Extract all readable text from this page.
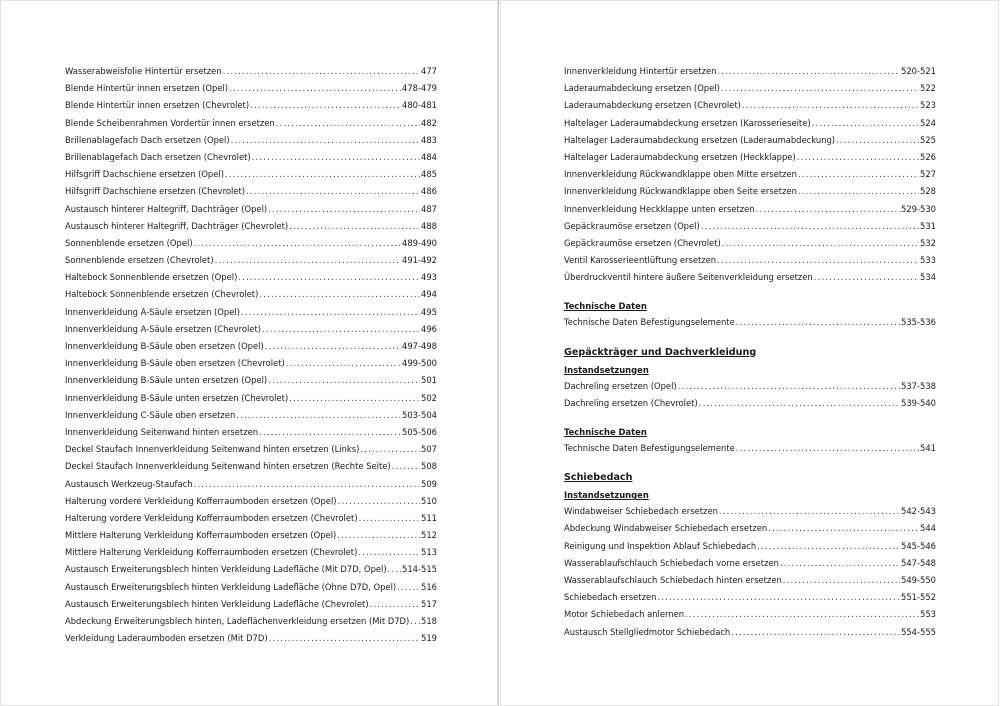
Wasserabweisfolie Hintertür ersetzen .....	477
Blende Hintertür innen ersetzen (Opel) .....	478-479
Blende Hintertür innen ersetzen (Chevrolet) .....	480-481
Blende Scheibenrahmen Vordertür innen ersetzen .....	482
Brillenablagefach Dach ersetzen (Opel) .....	483
Brillenablagefach Dach ersetzen (Chevrolet) .....	484
Hilfsgriff Dachschiene ersetzen (Opel) .....	485
Hilfsgriff Dachschiene ersetzen (Chevrolet) .....	486
Austausch hinterer Haltegriff, Dachträger (Opel) .....	487
Austausch hinterer Haltegriff, Dachträger (Chevrolet) .....	488
Sonnenblende ersetzen (Opel) .....	489-490
Sonnenblende ersetzen (Chevrolet) .....	491-492
Haltebock Sonnenblende ersetzen (Opel) .....	493
Haltebock Sonnenblende ersetzen (Chevrolet) .....	494
Innenverkleidung A-Säule ersetzen (Opel) .....	495
Innenverkleidung A-Säule ersetzen (Chevrolet) .....	496
Innenverkleidung B-Säule oben ersetzen (Opel) .....	497-498
Innenverkleidung B-Säule oben ersetzen (Chevrolet) .....	499-500
Innenverkleidung B-Säule unten ersetzen (Opel) .....	501
Innenverkleidung B-Säule unten ersetzen (Chevrolet) .....	502
Innenverkleidung C-Säule oben ersetzen .....	503-504
Innenverkleidung Seitenwand hinten ersetzen .....	505-506
Deckel Staufach Innenverkleidung Seitenwand hinten ersetzen (Links) .....	507
Deckel Staufach Innenverkleidung Seitenwand hinten ersetzen (Rechte Seite) .....	508
Austausch Werkzeug-Staufach .....	509
Halterung vordere Verkleidung Kofferraumboden ersetzen (Opel) .....	510
Halterung vordere Verkleidung Kofferraumboden ersetzen (Chevrolet) .....	511
Mittlere Halterung Verkleidung Kofferraumboden ersetzen (Opel) .....	512
Mittlere Halterung Verkleidung Kofferraumboden ersetzen (Chevrolet) .....	513
Austausch Erweiterungsblech hinten Verkleidung Ladefläche (Mit D7D, Opel) ..... 514-515
Austausch Erweiterungsblech hinten Verkleidung Ladefläche (Ohne D7D, Opel) .....	516
Austausch Erweiterungsblech hinten Verkleidung Ladefläche (Chevrolet) .....	517
Abdeckung Erweiterungsblech hinten, Ladeflächenverkleidung ersetzen (Mit D7D) ..... 518
Verkleidung Laderaumboden ersetzen (Mit D7D) .....	519
Innenverkleidung Hintertür ersetzen .....	520-521
Laderaumabdeckung ersetzen (Opel) .....	522
Laderaumabdeckung ersetzen (Chevrolet) .....	523
Haltelager Laderaumabdeckung ersetzen (Karosserieseite) .....	524
Haltelager Laderaumabdeckung ersetzen (Laderaumabdeckung) .....	525
Haltelager Laderaumabdeckung ersetzen (Heckklappe) .....	526
Innenverkleidung Rückwandklappe oben Mitte ersetzen .....	527
Innenverkleidung Rückwandklappe oben Seite ersetzen .....	528
Innenverkleidung Heckklappe unten ersetzen .....	529-530
Gepäckraumöse ersetzen (Opel) .....	531
Gepäckraumöse ersetzen (Chevrolet) .....	532
Ventil Karosserieentlüftung ersetzen .....	533
Überdruckventil hintere äußere Seitenverkleidung ersetzen .....	534
Technische Daten
Technische Daten Befestigungselemente .....	535-536
Gepäckträger und Dachverkleidung
Instandsetzungen
Dachreling ersetzen (Opel) .....	537-538
Dachreling ersetzen (Chevrolet) .....	539-540
Technische Daten
Technische Daten Befestigungselemente .....	541
Schiebedach
Instandsetzungen
Windabweiser Schiebedach ersetzen .....	542-543
Abdeckung Windabweiser Schiebedach ersetzen .....	544
Reinigung und Inspektion Ablauf Schiebedach .....	545-546
Wasserablaufschlauch Schiebedach vorne ersetzen .....	547-548
Wasserablaufschlauch Schiebedach hinten ersetzen .....	549-550
Schiebedach ersetzen .....	551-552
Motor Schiebedach anlernen .....	553
Austausch Stellgliedmotor Schiebedach .....	554-555
